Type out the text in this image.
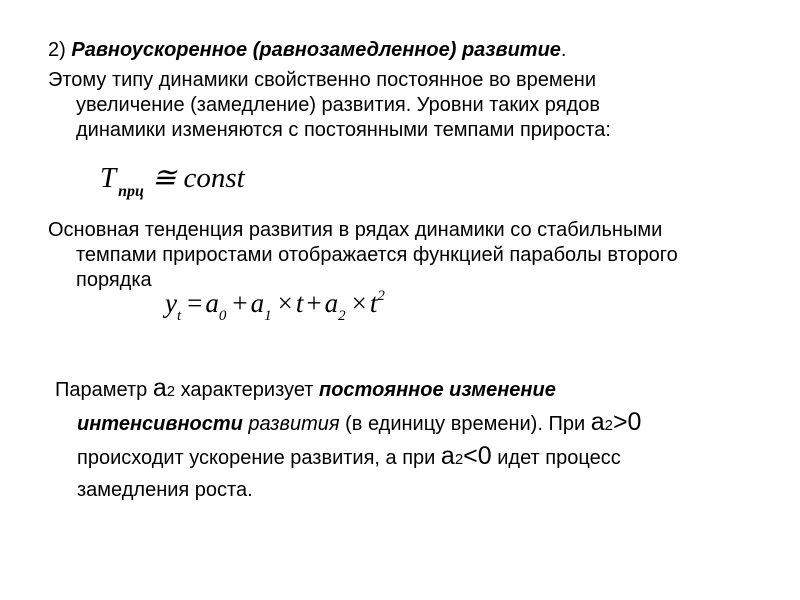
2) Равноускоренное (равнозамедленное) развитие.
Этому типу динамики свойственно постоянное во времени
увеличение (замедление) развития. Уровни таких рядов
динамики изменяются с постоянными темпами прироста:
T $_{прц}$ ≅ const
Основная тенденция развития в рядах динамики со стабильными
темпами приростами отображается функцией параболы второго
порядка
$y_t = a_0 + a_1 \times t + a_2 \times t^2$
Параметр а2 характеризует постоянное изменение
интенсивности развития (в единицу времени). При а2>0
происходит ускорение развития, а при а2<0 идет процесс
замедления роста.
